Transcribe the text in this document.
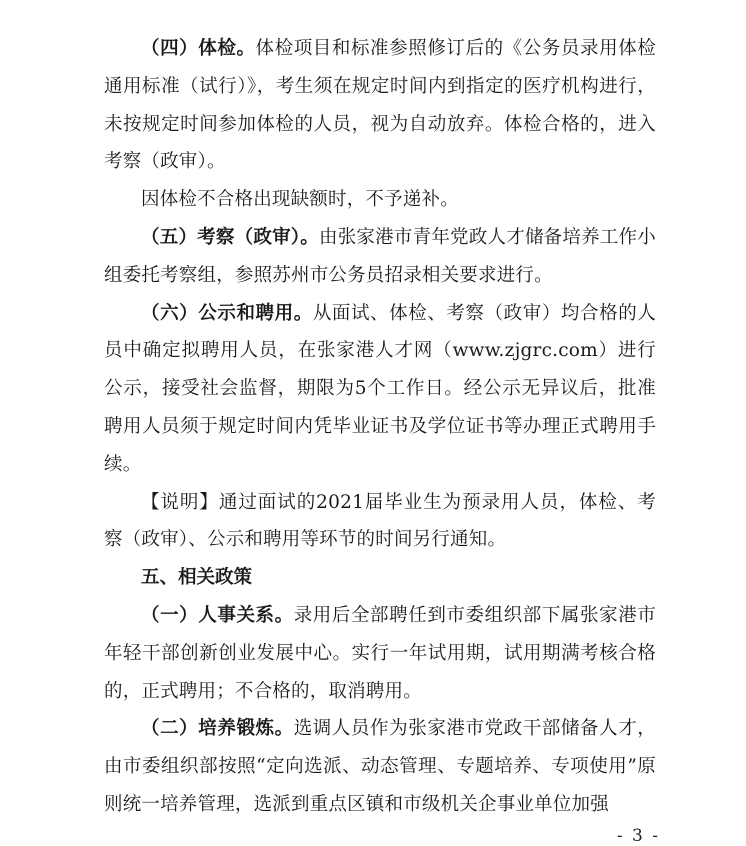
（四）体检。体检项目和标准参照修订后的《公务员录用体检通用标准（试行）》，考生须在规定时间内到指定的医疗机构进行，未按规定时间参加体检的人员，视为自动放弃。体检合格的，进入考察（政审）。

因体检不合格出现缺额时，不予递补。

（五）考察（政审）。由张家港市青年党政人才储备培养工作小组委托考察组，参照苏州市公务员招录相关要求进行。

（六）公示和聘用。从面试、体检、考察（政审）均合格的人员中确定拟聘用人员，在张家港人才网（www.zjgrc.com）进行公示，接受社会监督，期限为5个工作日。经公示无异议后，批准聘用人员须于规定时间内凭毕业证书及学位证书等办理正式聘用手续。

【说明】通过面试的2021届毕业生为预录用人员，体检、考察（政审）、公示和聘用等环节的时间另行通知。

五、相关政策

（一）人事关系。录用后全部聘任到市委组织部下属张家港市年轻干部创新创业发展中心。实行一年试用期，试用期满考核合格的，正式聘用；不合格的，取消聘用。

（二）培养锻炼。选调人员作为张家港市党政干部储备人才，由市委组织部按照“定向选派、动态管理、专题培养、专项使用”原则统一培养管理，选派到重点区镇和市级机关企事业单位加强

- 3 -
